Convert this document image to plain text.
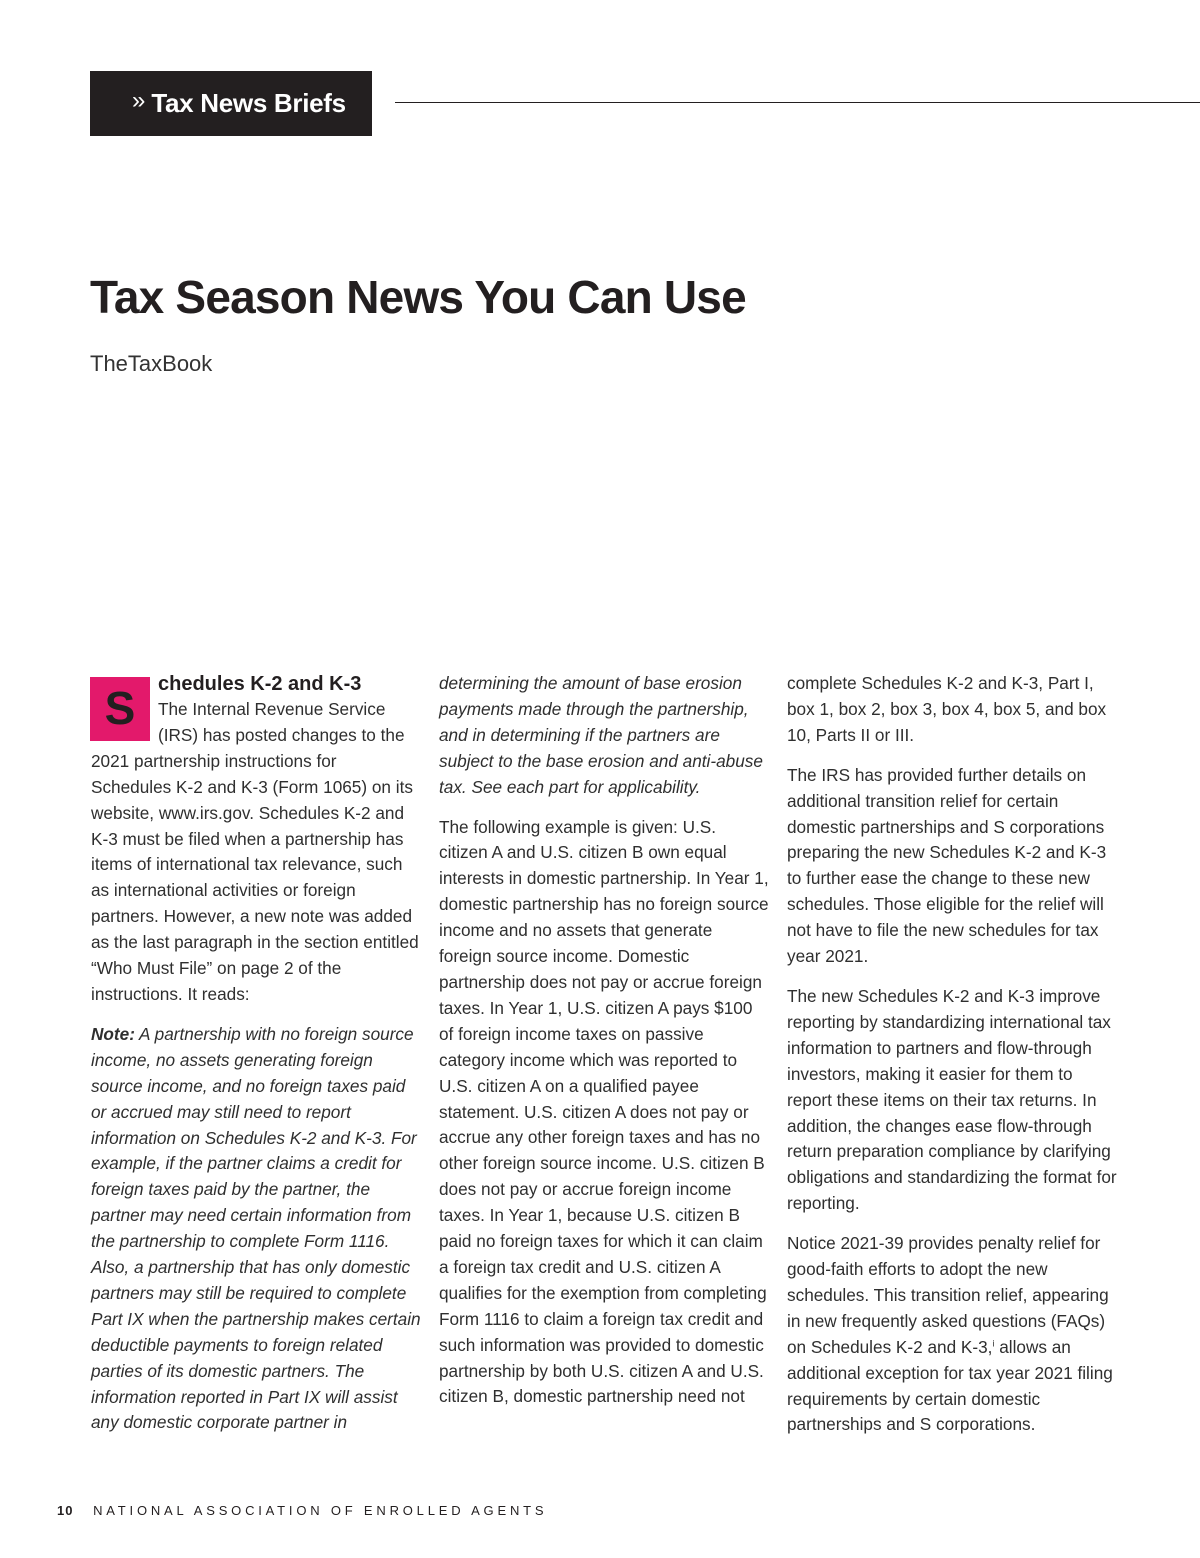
» Tax News Briefs
Tax Season News You Can Use

TheTaxBook

S	chedules K-2 and K-3
The Internal Revenue Service (IRS) has posted changes to the 2021 partnership instructions for Schedules K-2 and K-3 (Form 1065) on its website, www.irs.gov. Schedules K-2 and K-3 must be filed when a partnership has items of international tax relevance, such as international activities or foreign partners. However, a new note was added as the last paragraph in the section entitled “Who Must File” on page 2 of the instructions. It reads:

Note: A partnership with no foreign source income, no assets generating foreign source income, and no foreign taxes paid or accrued may still need to report information on Schedules K-2 and K-3. For example, if the partner claims a credit for foreign taxes paid by the partner, the partner may need certain information from the partnership to complete Form 1116. Also, a partnership that has only domestic partners may still be required to complete Part IX when the partnership makes certain deductible payments to foreign related parties of its domestic partners. The information reported in Part IX will assist any domestic corporate partner in

determining the amount of base erosion payments made through the partnership, and in determining if the partners are subject to the base erosion and anti-abuse tax. See each part for applicability.

The following example is given: U.S. citizen A and U.S. citizen B own equal interests in domestic partnership. In Year 1, domestic partnership has no foreign source income and no assets that generate foreign source income. Domestic partnership does not pay or accrue foreign taxes. In Year 1, U.S. citizen A pays $100 of foreign income taxes on passive category income which was reported to U.S. citizen A on a qualified payee statement. U.S. citizen A does not pay or accrue any other foreign taxes and has no other foreign source income. U.S. citizen B does not pay or accrue foreign income taxes. In Year 1, because U.S. citizen B paid no foreign taxes for which it can claim a foreign tax credit and U.S. citizen A qualifies for the exemption from completing Form 1116 to claim a foreign tax credit and such information was provided to domestic partnership by both U.S. citizen A and U.S. citizen B, domestic partnership need not

complete Schedules K-2 and K-3, Part I, box 1, box 2, box 3, box 4, box 5, and box 10, Parts II or III.

The IRS has provided further details on additional transition relief for certain domestic partnerships and S corporations preparing the new Schedules K-2 and K-3 to further ease the change to these new schedules. Those eligible for the relief will not have to file the new schedules for tax year 2021.

The new Schedules K-2 and K-3 improve reporting by standardizing international tax information to partners and flow-through investors, making it easier for them to report these items on their tax returns. In addition, the changes ease flow-through return preparation compliance by clarifying obligations and standardizing the format for reporting.

Notice 2021-39 provides penalty relief for good-faith efforts to adopt the new schedules. This transition relief, appearing in new frequently asked questions (FAQs) on Schedules K-2 and K-3,$^i$ allows an additional exception for tax year 2021 filing requirements by certain domestic partnerships and S corporations.

10 NATIONAL ASSOCIATION OF ENROLLED AGENTS
